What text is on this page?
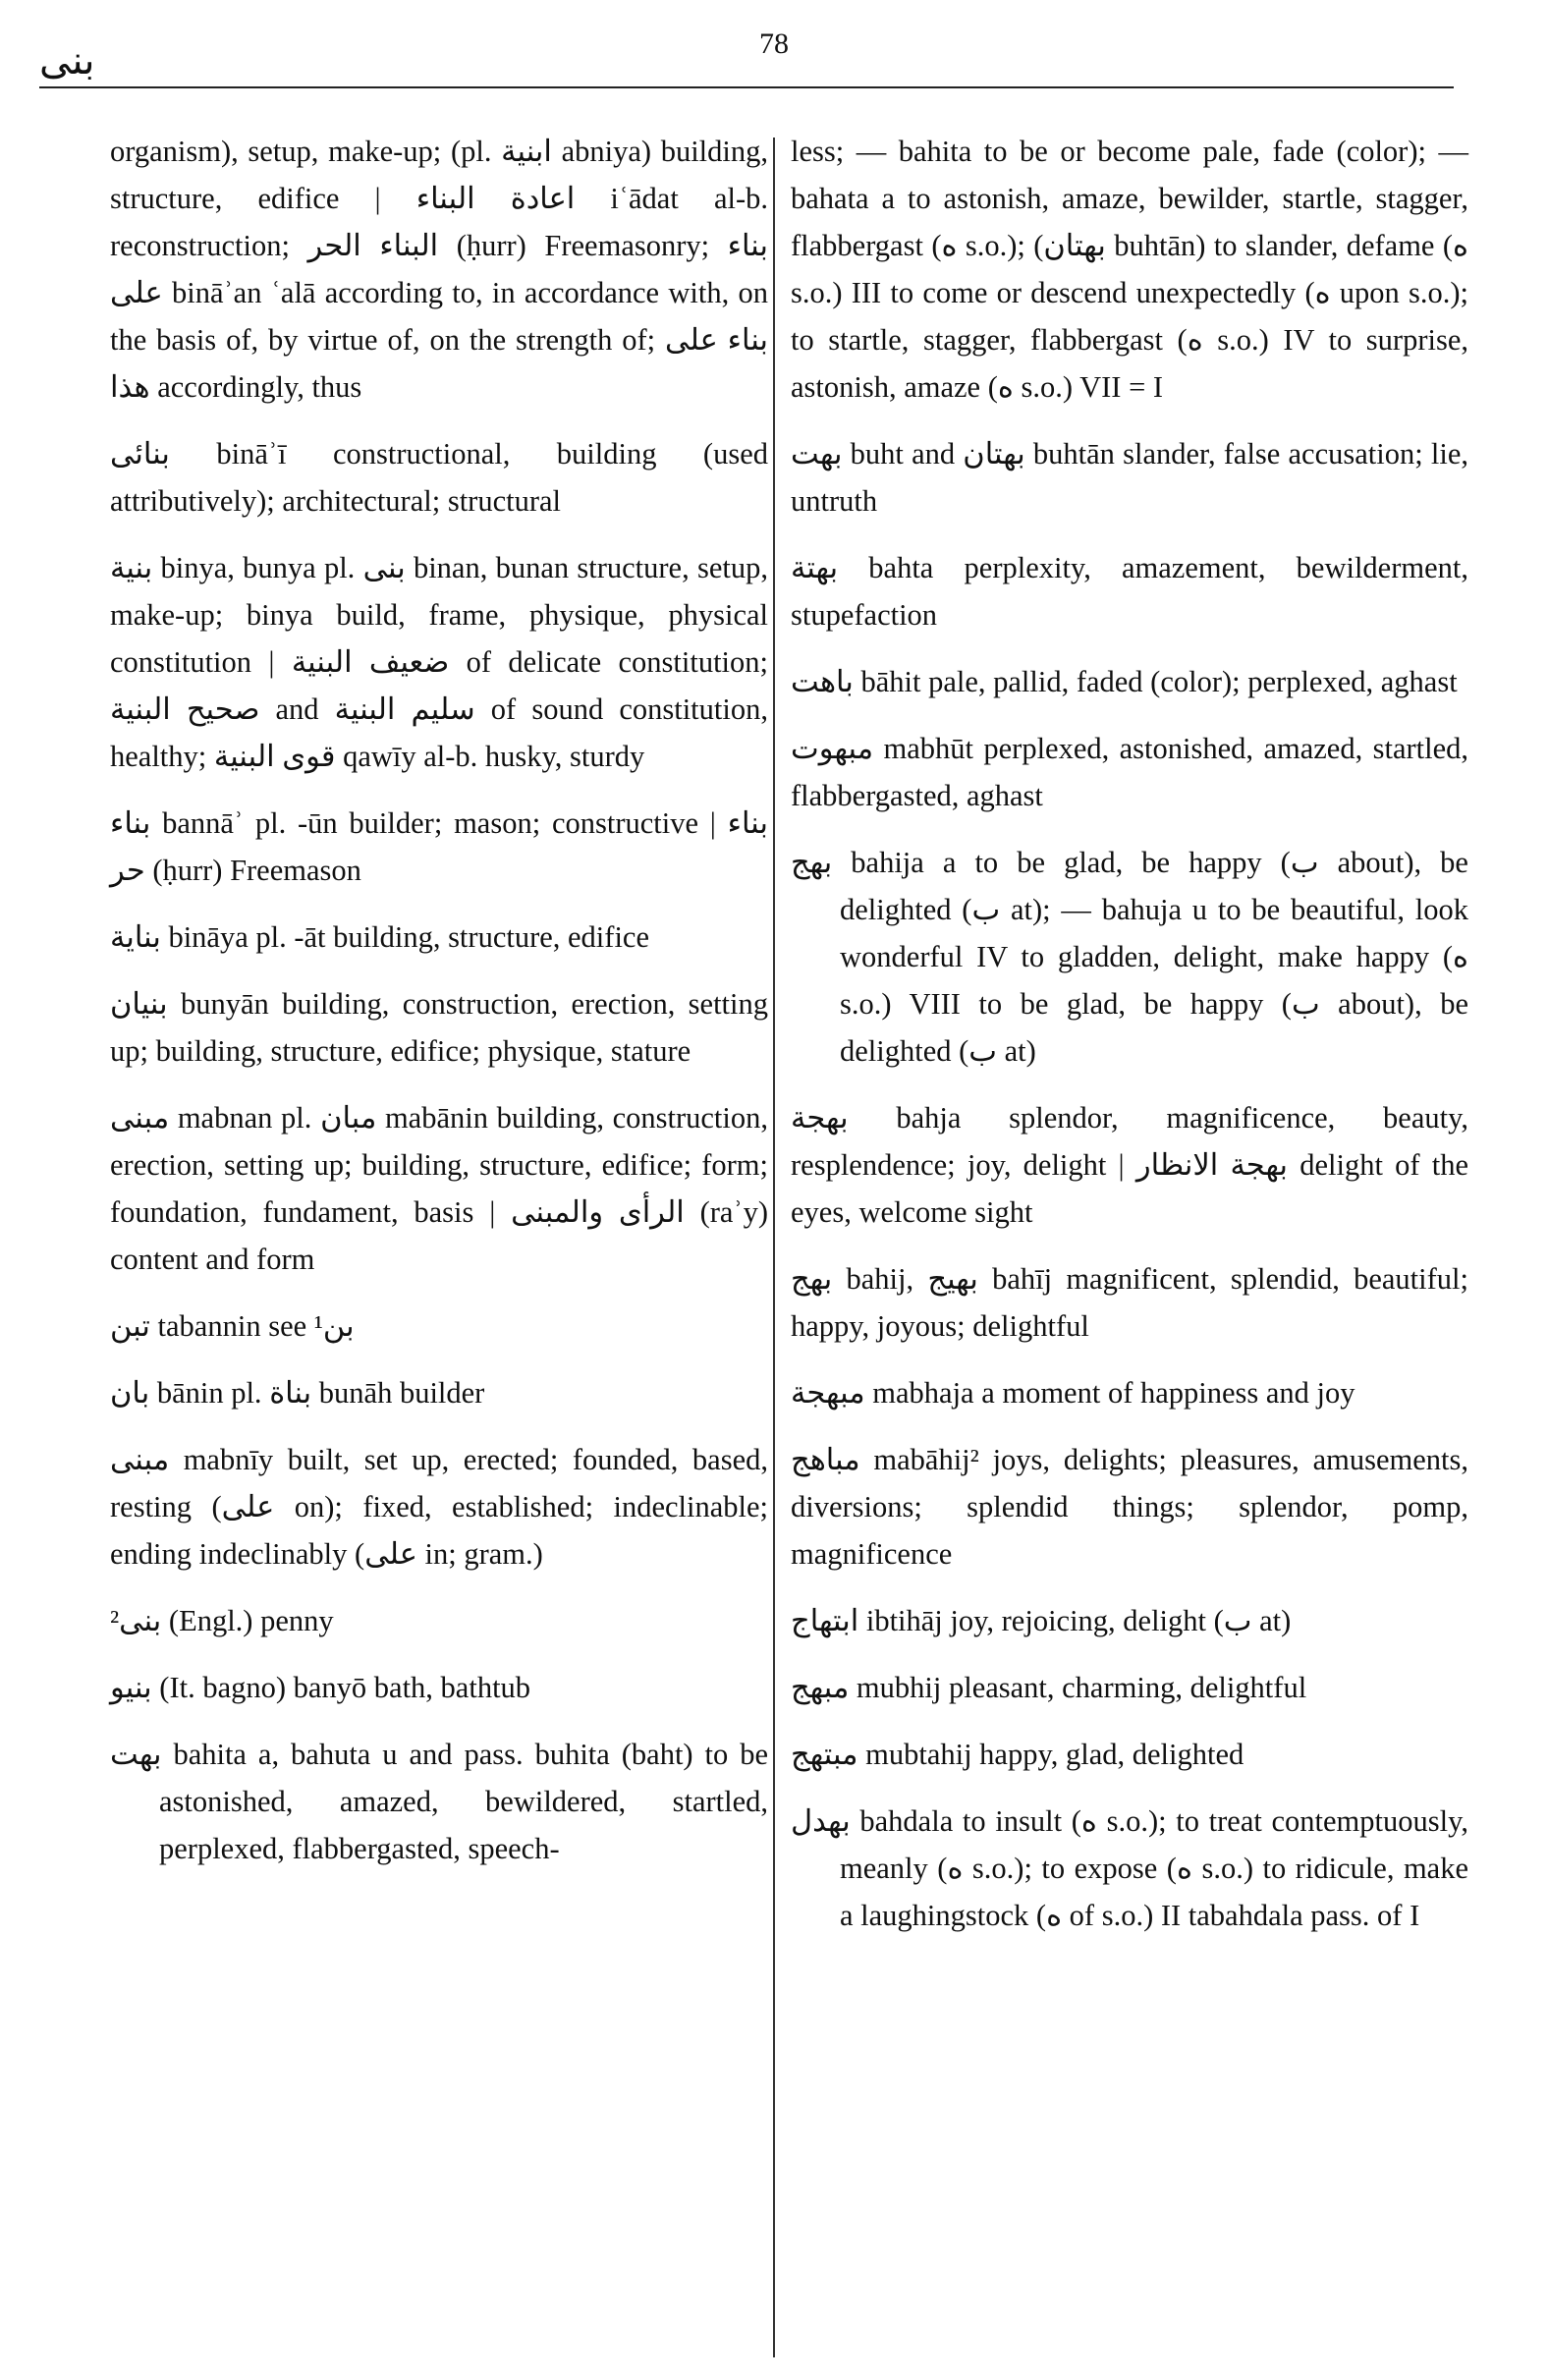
بنى	78

organism), setup, make-up; (pl. ابنية abniya) building, structure, edifice | اعادة البناء iʿādat al-b. reconstruction; البناء الحر (ḥurr) Freemasonry; بناء على bināʾan ʿalā according to, in accordance with, on the basis of, by virtue of, on the strength of; بناء على هذا accordingly, thus

بنائى bināʾī constructional, building (used attributively); architectural; structural

بنية binya, bunya pl. بنى binan, bunan structure, setup, make-up; binya build, frame, physique, physical constitution | ضعيف البنية of delicate constitution; صحيح البنية and سليم البنية of sound constitution, healthy; قوى البنية qawīy al-b. husky, sturdy

بناء bannāʾ pl. -ūn builder; mason; constructive | بناء حر (ḥurr) Freemason

بناية bināya pl. -āt building, structure, edifice

بنيان bunyān building, construction, erection, setting up; building, structure, edifice; physique, stature

مبنى mabnan pl. مبان mabānin building, construction, erection, setting up; building, structure, edifice; form; foundation, fundament, basis | الرأى والمبنى (raʾy) content and form

تبن tabannin see ¹بن

بان bānin pl. بناة bunāh builder

مبنى mabnīy built, set up, erected; founded, based, resting (على on); fixed, established; indeclinable; ending indeclinably (على in; gram.)

²بنى (Engl.) penny

بنيو (It. bagno) banyō bath, bathtub

بهت bahita a, bahuta u and pass. buhita (baht) to be astonished, amazed, bewildered, startled, perplexed, flabbergasted, speech-

less; — bahita to be or become pale, fade (color); — bahata a to astonish, amaze, bewilder, startle, stagger, flabbergast (ه s.o.); (بهتان buhtān) to slander, defame (ه s.o.) III to come or descend unexpectedly (ه upon s.o.); to startle, stagger, flabbergast (ه s.o.) IV to surprise, astonish, amaze (ه s.o.) VII = I

بهت buht and بهتان buhtān slander, false accusation; lie, untruth

بهتة bahta perplexity, amazement, bewilderment, stupefaction

باهت bāhit pale, pallid, faded (color); perplexed, aghast

مبهوت mabhūt perplexed, astonished, amazed, startled, flabbergasted, aghast

بهج bahija a to be glad, be happy (ب about), be delighted (ب at); — bahuja u to be beautiful, look wonderful IV to gladden, delight, make happy (ه s.o.) VIII to be glad, be happy (ب about), be delighted (ب at)

بهجة bahja splendor, magnificence, beauty, resplendence; joy, delight | بهجة الانظار delight of the eyes, welcome sight

بهج bahij, بهيج bahīj magnificent, splendid, beautiful; happy, joyous; delightful

مبهجة mabhaja a moment of happiness and joy

مباهج mabāhij² joys, delights; pleasures, amusements, diversions; splendid things; splendor, pomp, magnificence

ابتهاج ibtihāj joy, rejoicing, delight (ب at)

مبهج mubhij pleasant, charming, delightful

مبتهج mubtahij happy, glad, delighted

بهدل bahdala to insult (ه s.o.); to treat contemptuously, meanly (ه s.o.); to expose (ه s.o.) to ridicule, make a laughingstock (ه of s.o.) II tabahdala pass. of I
